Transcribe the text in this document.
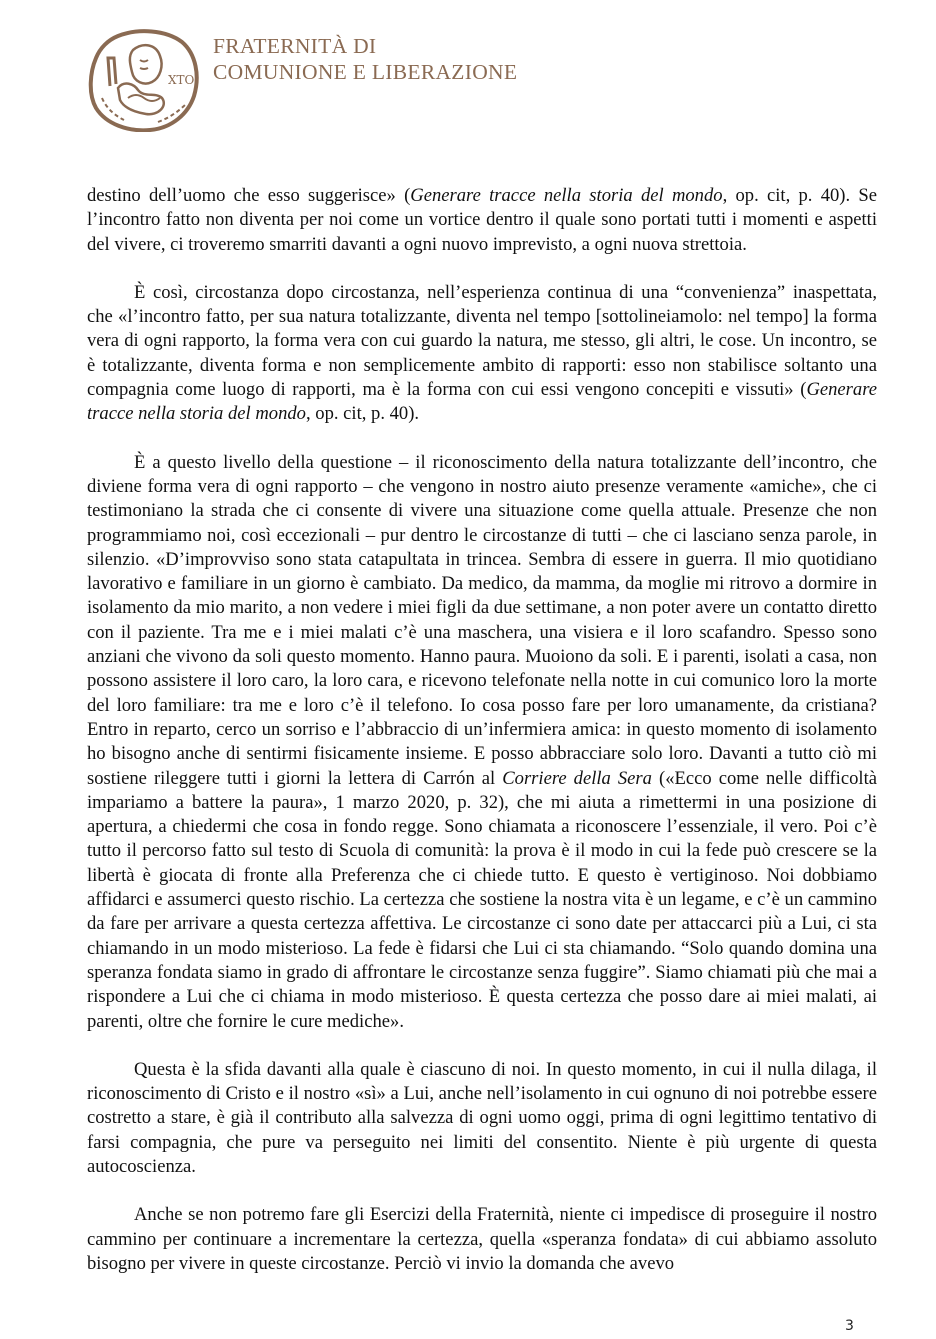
XTO
FRATERNITÀ DI
COMUNIONE E LIBERAZIONE

destino dell’uomo che esso suggerisce» (Generare tracce nella storia del mondo, op. cit, p. 40). Se l’incontro fatto non diventa per noi come un vortice dentro il quale sono portati tutti i momenti e aspetti del vivere, ci troveremo smarriti davanti a ogni nuovo imprevisto, a ogni nuova strettoia.

È così, circostanza dopo circostanza, nell’esperienza continua di una “convenienza” inaspettata, che «l’incontro fatto, per sua natura totalizzante, diventa nel tempo [sottolineiamolo: nel tempo] la forma vera di ogni rapporto, la forma vera con cui guardo la natura, me stesso, gli altri, le cose. Un incontro, se è totalizzante, diventa forma e non semplicemente ambito di rapporti: esso non stabilisce soltanto una compagnia come luogo di rapporti, ma è la forma con cui essi vengono concepiti e vissuti» (Generare tracce nella storia del mondo, op. cit, p. 40).

È a questo livello della questione – il riconoscimento della natura totalizzante dell’incontro, che diviene forma vera di ogni rapporto – che vengono in nostro aiuto presenze veramente «amiche», che ci testimoniano la strada che ci consente di vivere una situazione come quella attuale. Presenze che non programmiamo noi, così eccezionali – pur dentro le circostanze di tutti – che ci lasciano senza parole, in silenzio. «D’improvviso sono stata catapultata in trincea. Sembra di essere in guerra. Il mio quotidiano lavorativo e familiare in un giorno è cambiato. Da medico, da mamma, da moglie mi ritrovo a dormire in isolamento da mio marito, a non vedere i miei figli da due settimane, a non poter avere un contatto diretto con il paziente. Tra me e i miei malati c’è una maschera, una visiera e il loro scafandro. Spesso sono anziani che vivono da soli questo momento. Hanno paura. Muoiono da soli. E i parenti, isolati a casa, non possono assistere il loro caro, la loro cara, e ricevono telefonate nella notte in cui comunico loro la morte del loro familiare: tra me e loro c’è il telefono. Io cosa posso fare per loro umanamente, da cristiana? Entro in reparto, cerco un sorriso e l’abbraccio di un’infermiera amica: in questo momento di isolamento ho bisogno anche di sentirmi fisicamente insieme. E posso abbracciare solo loro. Davanti a tutto ciò mi sostiene rileggere tutti i giorni la lettera di Carrón al Corriere della Sera («Ecco come nelle difficoltà impariamo a battere la paura», 1 marzo 2020, p. 32), che mi aiuta a rimettermi in una posizione di apertura, a chiedermi che cosa in fondo regge. Sono chiamata a riconoscere l’essenziale, il vero. Poi c’è tutto il percorso fatto sul testo di Scuola di comunità: la prova è il modo in cui la fede può crescere se la libertà è giocata di fronte alla Preferenza che ci chiede tutto. E questo è vertiginoso. Noi dobbiamo affidarci e assumerci questo rischio. La certezza che sostiene la nostra vita è un legame, e c’è un cammino da fare per arrivare a questa certezza affettiva. Le circostanze ci sono date per attaccarci più a Lui, ci sta chiamando in un modo misterioso. La fede è fidarsi che Lui ci sta chiamando. “Solo quando domina una speranza fondata siamo in grado di affrontare le circostanze senza fuggire”. Siamo chiamati più che mai a rispondere a Lui che ci chiama in modo misterioso. È questa certezza che posso dare ai miei malati, ai parenti, oltre che fornire le cure mediche».

Questa è la sfida davanti alla quale è ciascuno di noi. In questo momento, in cui il nulla dilaga, il riconoscimento di Cristo e il nostro «sì» a Lui, anche nell’isolamento in cui ognuno di noi potrebbe essere costretto a stare, è già il contributo alla salvezza di ogni uomo oggi, prima di ogni legittimo tentativo di farsi compagnia, che pure va perseguito nei limiti del consentito. Niente è più urgente di questa autocoscienza.

Anche se non potremo fare gli Esercizi della Fraternità, niente ci impedisce di proseguire il nostro cammino per continuare a incrementare la certezza, quella «speranza fondata» di cui abbiamo assoluto bisogno per vivere in queste circostanze. Perciò vi invio la domanda che avevo

3
